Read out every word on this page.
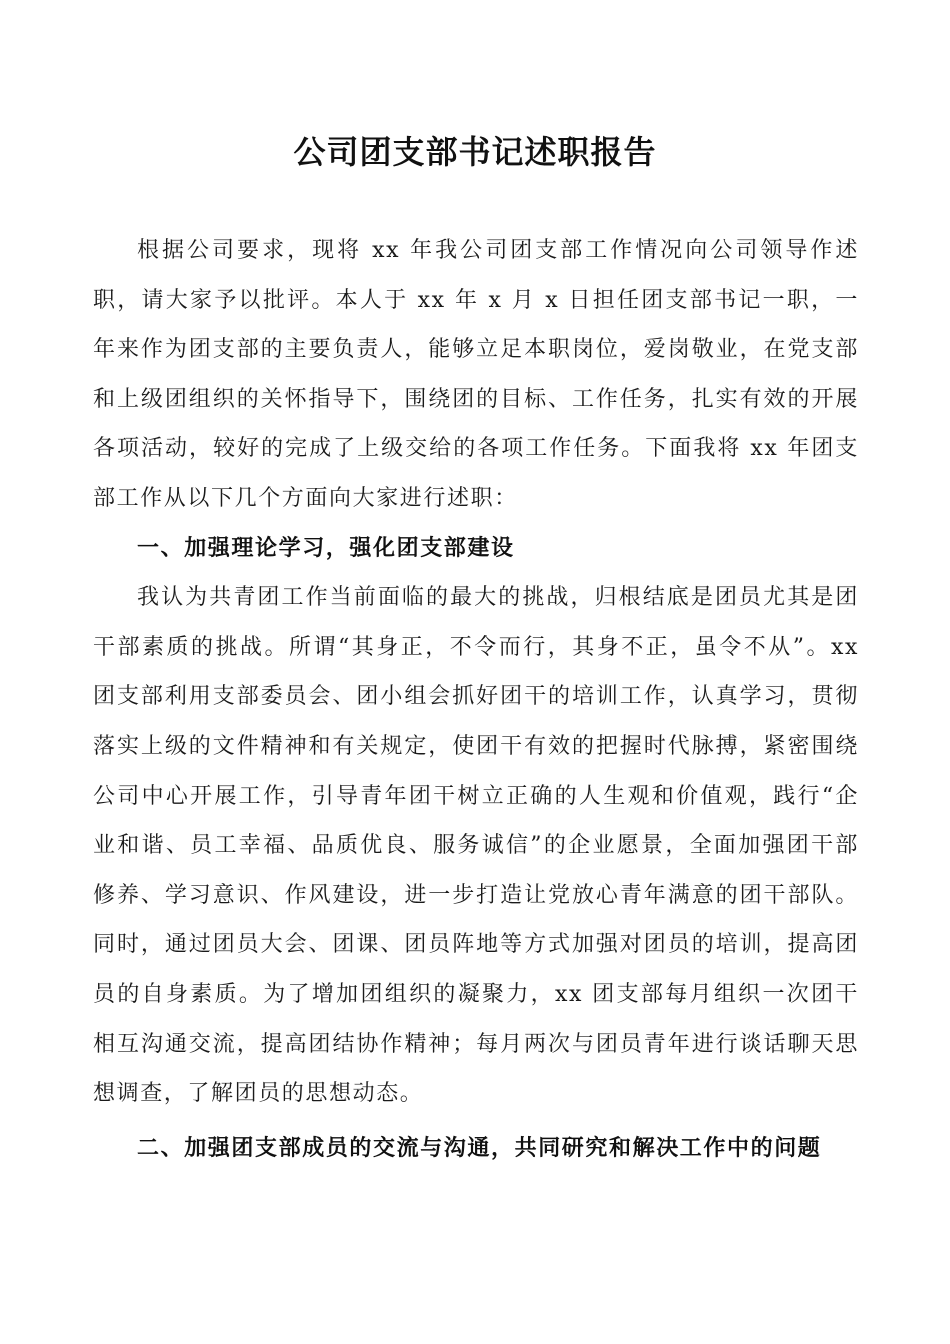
公司团支部书记述职报告

根据公司要求，现将 xx 年我公司团支部工作情况向公司领导作述职，请大家予以批评。本人于 xx 年 x 月 x 日担任团支部书记一职，一年来作为团支部的主要负责人，能够立足本职岗位，爱岗敬业，在党支部和上级团组织的关怀指导下，围绕团的目标、工作任务，扎实有效的开展各项活动，较好的完成了上级交给的各项工作任务。下面我将 xx 年团支部工作从以下几个方面向大家进行述职：

一、加强理论学习，强化团支部建设

我认为共青团工作当前面临的最大的挑战，归根结底是团员尤其是团干部素质的挑战。所谓“其身正，不令而行，其身不正，虽令不从”。xx 团支部利用支部委员会、团小组会抓好团干的培训工作，认真学习，贯彻落实上级的文件精神和有关规定，使团干有效的把握时代脉搏，紧密围绕公司中心开展工作，引导青年团干树立正确的人生观和价值观，践行“企业和谐、员工幸福、品质优良、服务诚信”的企业愿景，全面加强团干部修养、学习意识、作风建设，进一步打造让党放心青年满意的团干部队。同时，通过团员大会、团课、团员阵地等方式加强对团员的培训，提高团员的自身素质。为了增加团组织的凝聚力，xx 团支部每月组织一次团干相互沟通交流，提高团结协作精神；每月两次与团员青年进行谈话聊天思想调查，了解团员的思想动态。

二、加强团支部成员的交流与沟通，共同研究和解决工作中的问题
